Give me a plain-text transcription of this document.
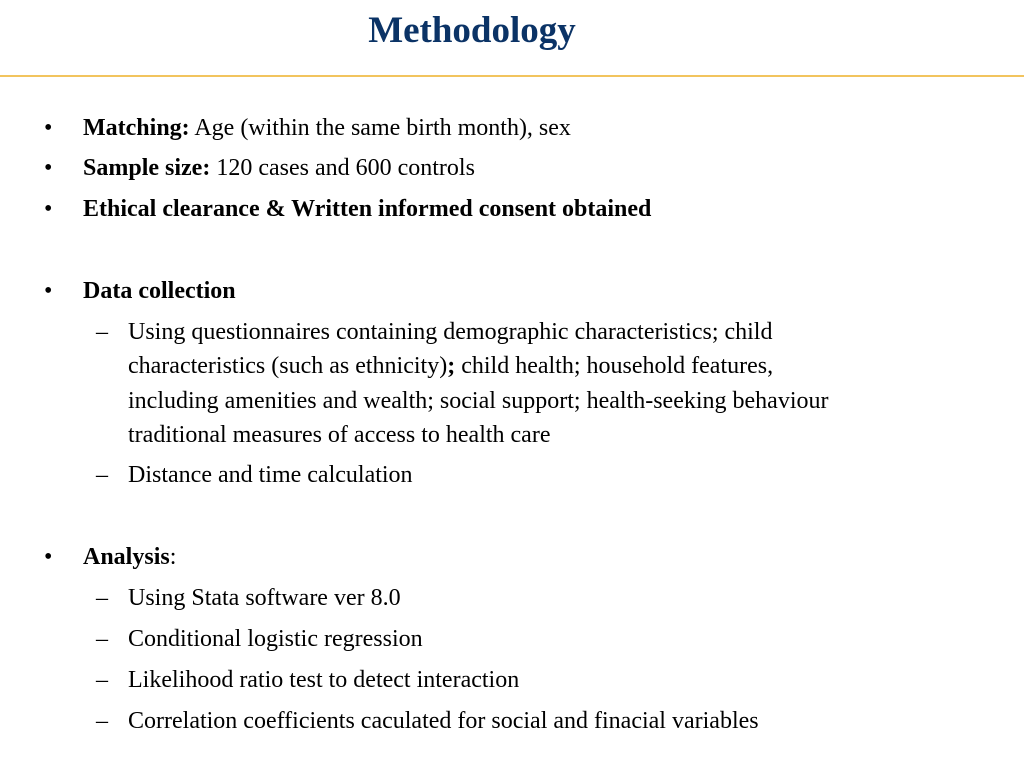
Methodology
• Matching: Age (within the same birth month), sex
• Sample size: 120 cases and 600 controls
• Ethical clearance & Written informed consent obtained
• Data collection
– Using questionnaires containing demographic characteristics; child
characteristics (such as ethnicity); child health; household features,
including amenities and wealth; social support; health-seeking behaviour
traditional measures of access to health care
– Distance and time calculation
• Analysis:
– Using Stata software ver 8.0
– Conditional logistic regression
– Likelihood ratio test to detect interaction
– Correlation coefficients caculated for social and finacial variables
